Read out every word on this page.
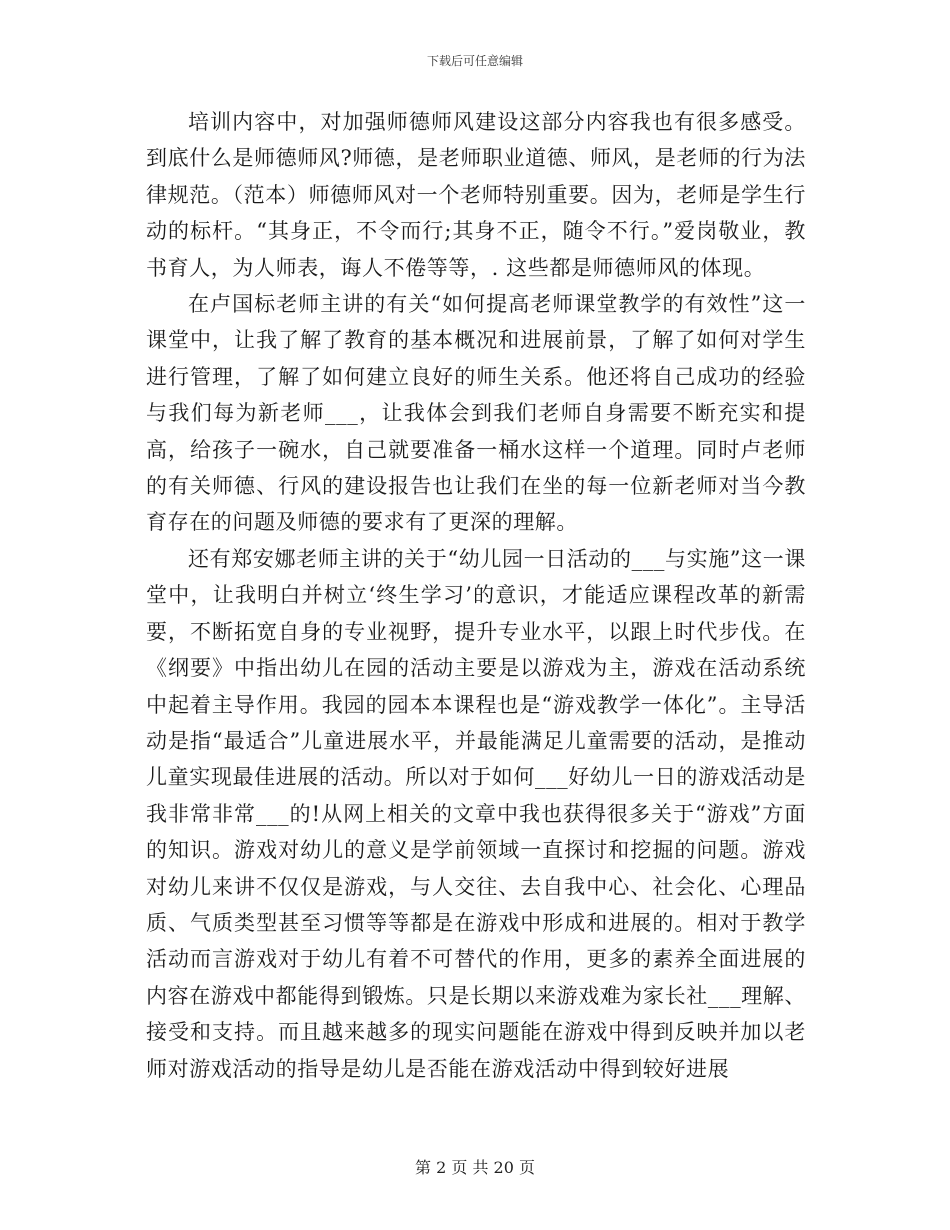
下载后可任意编辑

培训内容中，对加强师德师风建设这部分内容我也有很多感受。到底什么是师德师风?师德，是老师职业道德、师风，是老师的行为法律规范。（范本）师德师风对一个老师特别重要。因为，老师是学生行动的标杆。“其身正，不令而行;其身不正，随令不行。”爱岗敬业，教书育人，为人师表，诲人不倦等等，. 这些都是师德师风的体现。

在卢国标老师主讲的有关“如何提高老师课堂教学的有效性”这一课堂中，让我了解了教育的基本概况和进展前景，了解了如何对学生进行管理，了解了如何建立良好的师生关系。他还将自己成功的经验与我们每为新老师___，让我体会到我们老师自身需要不断充实和提高，给孩子一碗水，自己就要准备一桶水这样一个道理。同时卢老师的有关师德、行风的建设报告也让我们在坐的每一位新老师对当今教育存在的问题及师德的要求有了更深的理解。

还有郑安娜老师主讲的关于“幼儿园一日活动的___与实施”这一课堂中，让我明白并树立‘终生学习’的意识，才能适应课程改革的新需要，不断拓宽自身的专业视野，提升专业水平，以跟上时代步伐。在《纲要》中指出幼儿在园的活动主要是以游戏为主，游戏在活动系统中起着主导作用。我园的园本本课程也是“游戏教学一体化”。主导活动是指“最适合”儿童进展水平，并最能满足儿童需要的活动，是推动儿童实现最佳进展的活动。所以对于如何___好幼儿一日的游戏活动是我非常非常___的!从网上相关的文章中我也获得很多关于“游戏”方面的知识。游戏对幼儿的意义是学前领域一直探讨和挖掘的问题。游戏对幼儿来讲不仅仅是游戏，与人交往、去自我中心、社会化、心理品质、气质类型甚至习惯等等都是在游戏中形成和进展的。相对于教学活动而言游戏对于幼儿有着不可替代的作用，更多的素养全面进展的内容在游戏中都能得到锻炼。只是长期以来游戏难为家长社___理解、接受和支持。而且越来越多的现实问题能在游戏中得到反映并加以老师对游戏活动的指导是幼儿是否能在游戏活动中得到较好进展

第 2 页 共 20 页
